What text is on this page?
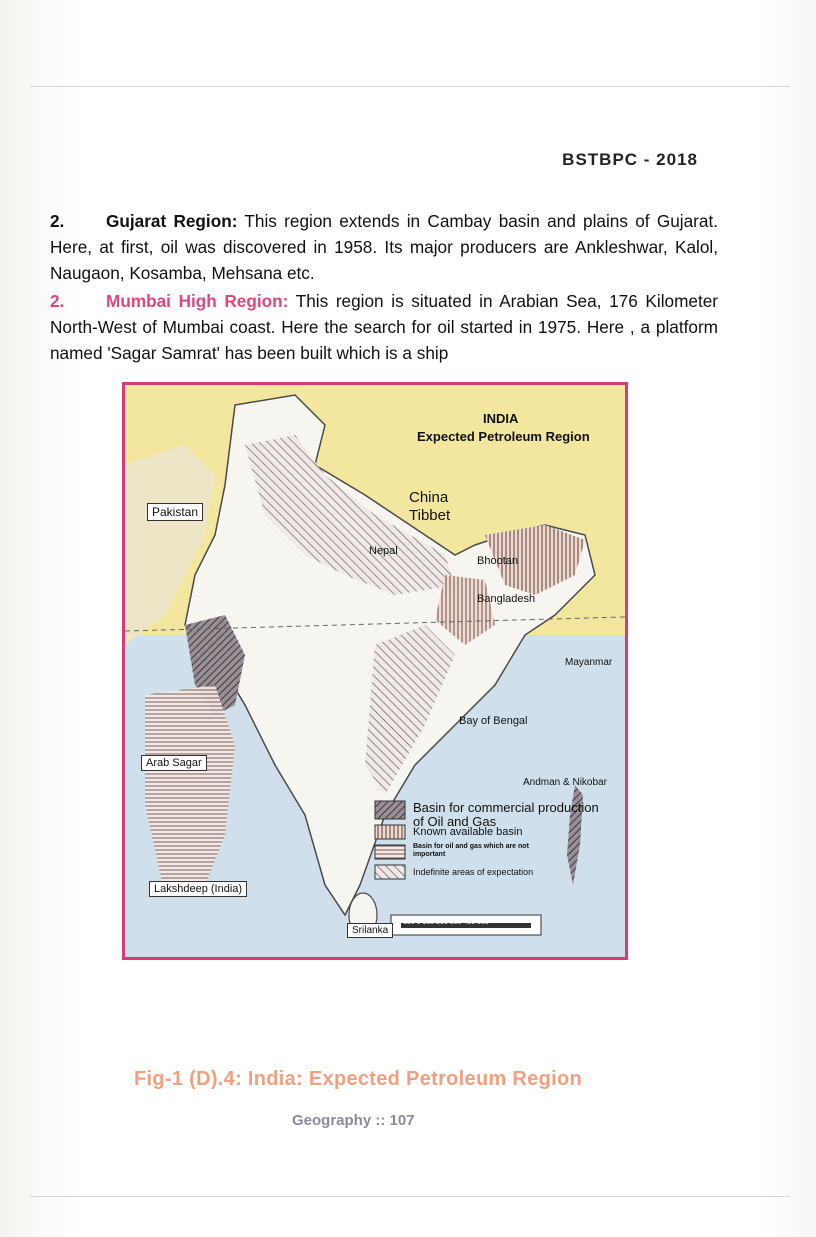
BSTBPC - 2018
2. Gujarat Region: This region extends in Cambay basin and plains of Gujarat. Here, at first, oil was discovered in 1958. Its major producers are Ankleshwar, Kalol, Naugaon, Kosamba, Mehsana etc.
2. Mumbai High Region: This region is situated in Arabian Sea, 176 Kilometer North-West of Mumbai coast. Here the search for oil started in 1975. Here , a platform named 'Sagar Samrat' has been built which is a ship
INDIA
Expected Petroleum Region
Pakistan
China
Tibbet
Nepal
Bhootan
Bangladesh
Mayanmar
Bay of Bengal
Arab Sagar
Andman & Nikobar
Lakshdeep (India)
Srilanka
100 0 100 200 300 400 500
Basin for commercial production of Oil and Gas
Known available basin
Basin for oil and gas which are not important
Indefinite areas of expectation
Fig-1 (D).4: India: Expected Petroleum Region
Geography :: 107
